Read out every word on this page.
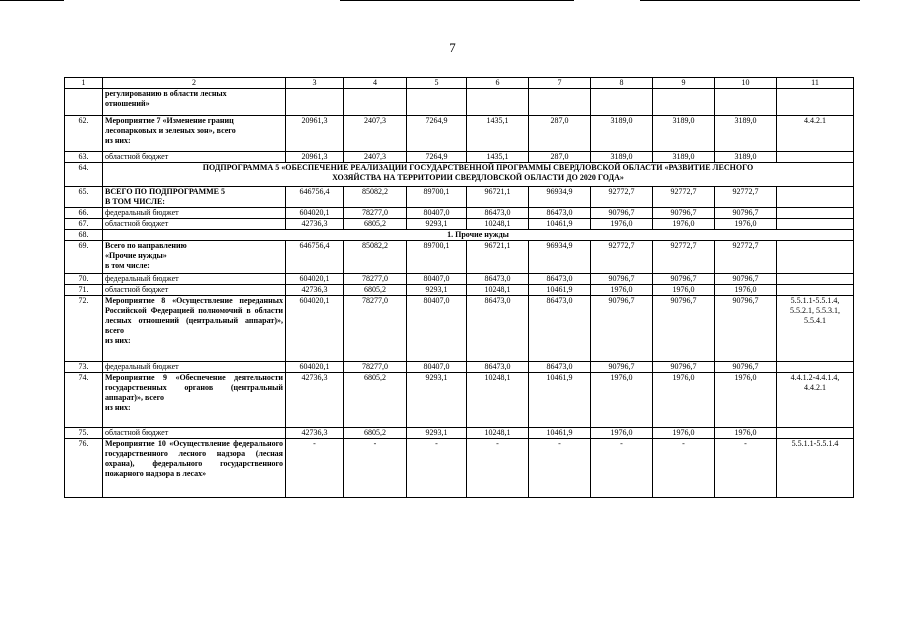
7
1	2	3	4	5	6	7	8	9	10	11
	регулированию в области лесных
отношений»									
62.	Мероприятие 7 «Изменение границ
лесопарковых и зеленых зон», всего
из них:	20961,3	2407,3	7264,9	1435,1	287,0	3189,0	3189,0	3189,0	4.4.2.1
63.	областной бюджет	20961,3	2407,3	7264,9	1435,1	287,0	3189,0	3189,0	3189,0	
64.	ПОДПРОГРАММА 5 «ОБЕСПЕЧЕНИЕ РЕАЛИЗАЦИИ ГОСУДАРСТВЕННОЙ ПРОГРАММЫ СВЕРДЛОВСКОЙ ОБЛАСТИ «РАЗВИТИЕ ЛЕСНОГО
ХОЗЯЙСТВА НА ТЕРРИТОРИИ СВЕРДЛОВСКОЙ ОБЛАСТИ ДО 2020 ГОДА»									
65.	ВСЕГО ПО ПОДПРОГРАММЕ 5
В ТОМ ЧИСЛЕ:	646756,4	85082,2	89700,1	96721,1	96934,9	92772,7	92772,7	92772,7	
66.	федеральный бюджет	604020,1	78277,0	80407,0	86473,0	86473,0	90796,7	90796,7	90796,7	
67.	областной бюджет	42736,3	6805,2	9293,1	10248,1	10461,9	1976,0	1976,0	1976,0	
68.	1. Прочие нужды									
69.	Всего по направлению
«Прочие нужды»
в том числе:	646756,4	85082,2	89700,1	96721,1	96934,9	92772,7	92772,7	92772,7	
70.	федеральный бюджет	604020,1	78277,0	80407,0	86473,0	86473,0	90796,7	90796,7	90796,7	
71.	областной бюджет	42736,3	6805,2	9293,1	10248,1	10461,9	1976,0	1976,0	1976,0	
72.	Мероприятие 8 «Осуществление переданных Российской Федерацией полномочий в области лесных отношений (центральный аппарат)», всего
из них:	604020,1	78277,0	80407,0	86473,0	86473,0	90796,7	90796,7	90796,7	5.5.1.1-5.5.1.4,
5.5.2.1, 5.5.3.1,
5.5.4.1
73.	федеральный бюджет	604020,1	78277,0	80407,0	86473,0	86473,0	90796,7	90796,7	90796,7	
74.	Мероприятие 9 «Обеспечение деятельности государственных органов (центральный аппарат)», всего
из них:	42736,3	6805,2	9293,1	10248,1	10461,9	1976,0	1976,0	1976,0	4.4.1.2-4.4.1.4,
4.4.2.1
75.	областной бюджет	42736,3	6805,2	9293,1	10248,1	10461,9	1976,0	1976,0	1976,0	
76.	Мероприятие 10 «Осуществление федерального государственного лесного надзора (лесная охрана), федерального государственного пожарного надзора в лесах»	-	-	-	-	-	-	-	-	5.5.1.1-5.5.1.4
